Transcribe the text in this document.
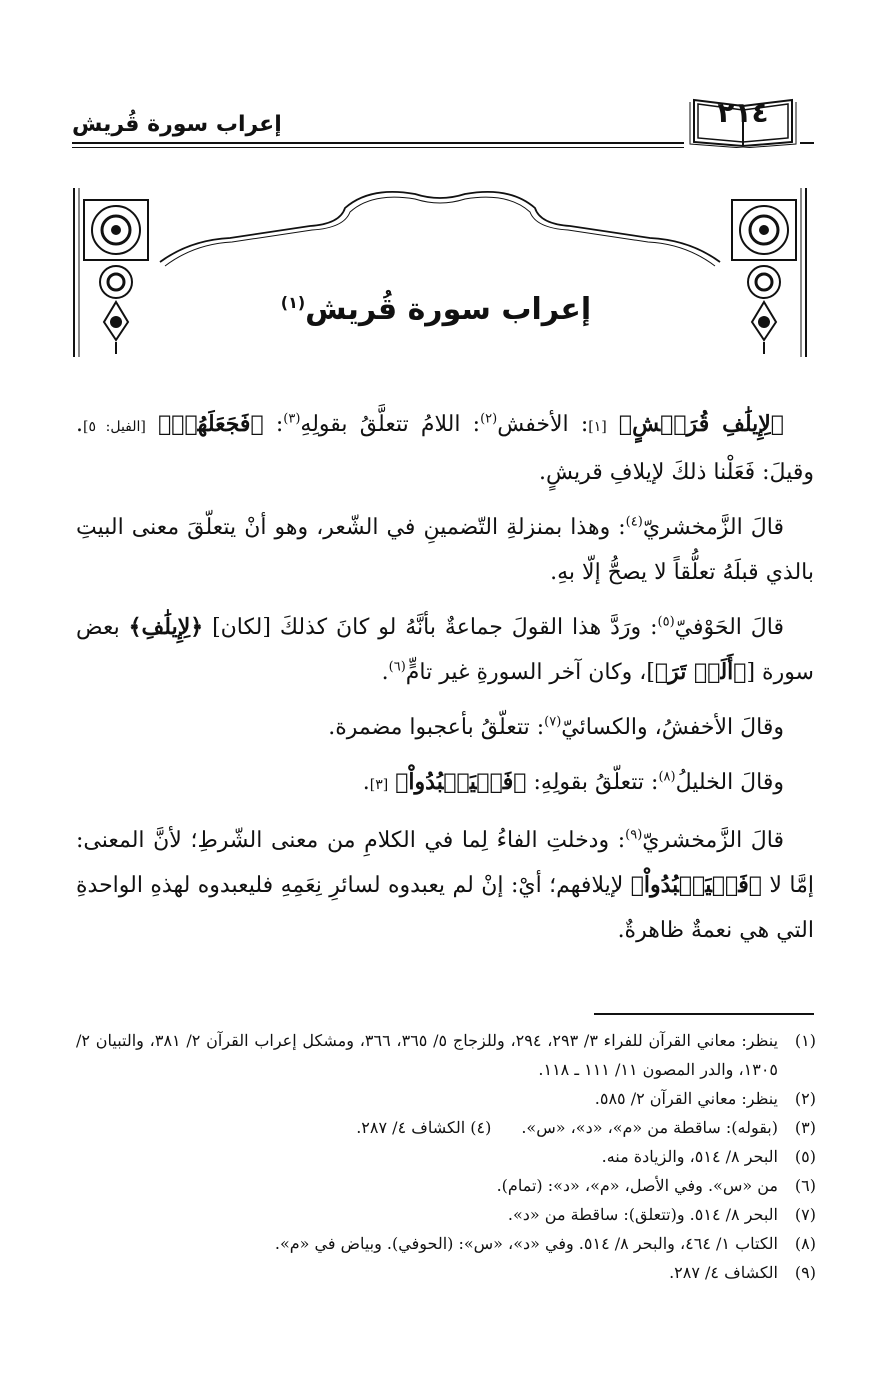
إعراب سورة قُريش	٢١٤
إعراب سورة قُريش$^{(١)}$

﴿لِإِيلَٰفِ قُرَيۡشٍ﴾ [١]: الأخفش$^{(٢)}$: اللامُ تتعلَّقُ بقولِهِ$^{(٣)}$: ﴿فَجَعَلَهُمۡ﴾ [الفيل: ٥]. وقيلَ: فَعَلْنا ذلكَ لإيلافِ قريشٍ.

قالَ الزَّمخشريّ$^{(٤)}$: وهذا بمنزلةِ التّضمينِ في الشّعر، وهو أنْ يتعلّقَ معنى البيتِ بالذي قبلَهُ تعلُّقاً لا يصحُّ إلّا بهِ.

قالَ الحَوْفيّ$^{(٥)}$: ورَدَّ هذا القولَ جماعةٌ بأنَّهُ لو كانَ كذلكَ [لكان] ﴿لِإِيلَٰفِ﴾ بعض سورة [﴿أَلَمۡ تَرَ﴾]، وكان آخر السورةِ غير تامٍّ$^{(٦)}$.

وقالَ الأخفشُ، والكسائيّ$^{(٧)}$: تتعلّقُ بأعجبوا مضمرة.

وقالَ الخليلُ$^{(٨)}$: تتعلّقُ بقولِهِ: ﴿فَلۡيَعۡبُدُواْ﴾ [٣].

قالَ الزَّمخشريّ$^{(٩)}$: ودخلتِ الفاءُ لِما في الكلامِ من معنى الشّرطِ؛ لأنَّ المعنى: إمَّا لا ﴿فَلۡيَعۡبُدُواْ﴾ لإيلافهم؛ أيْ: إنْ لم يعبدوه لسائرِ نِعَمِهِ فليعبدوه لهذهِ الواحدةِ التي هي نعمةٌ ظاهرةٌ.

(١)
ينظر: معاني القرآن للفراء ٣/ ٢٩٣، ٢٩٤، وللزجاج ٥/ ٣٦٥، ٣٦٦، ومشكل إعراب القرآن ٢/ ٣٨١، والتبيان ٢/ ١٣٠٥، والدر المصون ١١/ ١١١ ـ ١١٨.
(٢)
ينظر: معاني القرآن ٢/ ٥٨٥.
(٣)
(بقوله): ساقطة من «م»، «د»، «س».(٤) الكشاف ٤/ ٢٨٧.
(٥)
البحر ٨/ ٥١٤، والزيادة منه.
(٦)
من «س». وفي الأصل، «م»، «د»: (تمام).
(٧)
البحر ٨/ ٥١٤. و(تتعلق): ساقطة من «د».
(٨)
الكتاب ١/ ٤٦٤، والبحر ٨/ ٥١٤. وفي «د»، «س»: (الحوفي). وبياض في «م».
(٩)
الكشاف ٤/ ٢٨٧.
